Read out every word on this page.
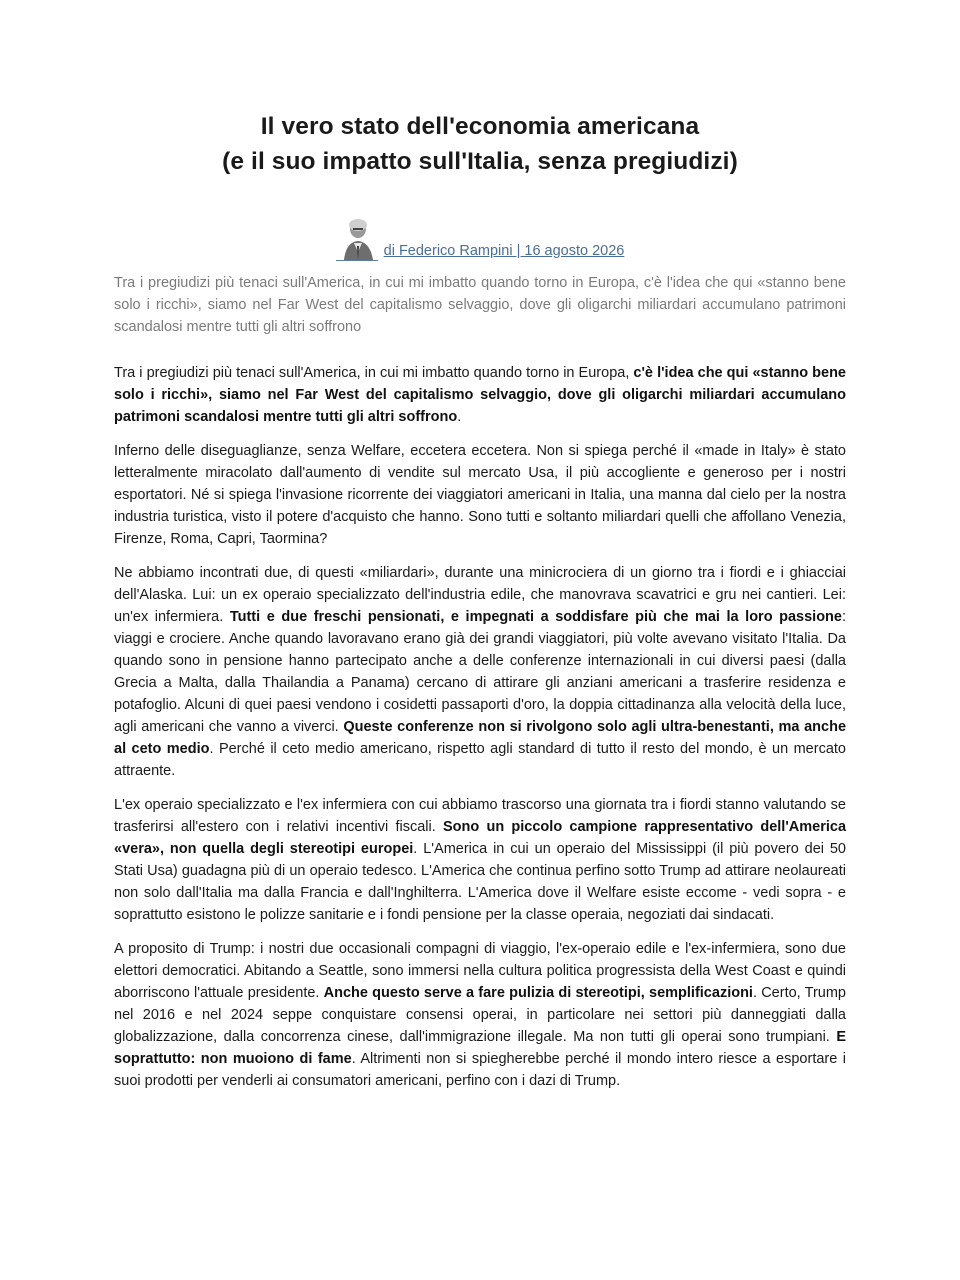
Il vero stato dell'economia americana
(e il suo impatto sull'Italia, senza pregiudizi)
di Federico Rampini | 16 agosto 2026

Tra i pregiudizi più tenaci sull'America, in cui mi imbatto quando torno in Europa, c'è l'idea che qui «stanno bene solo i ricchi», siamo nel Far West del capitalismo selvaggio, dove gli oligarchi miliardari accumulano patrimoni scandalosi mentre tutti gli altri soffrono

Tra i pregiudizi più tenaci sull'America, in cui mi imbatto quando torno in Europa, c'è l'idea che qui «stanno bene solo i ricchi», siamo nel Far West del capitalismo selvaggio, dove gli oligarchi miliardari accumulano patrimoni scandalosi mentre tutti gli altri soffrono.

Inferno delle diseguaglianze, senza Welfare, eccetera eccetera. Non si spiega perché il «made in Italy» è stato letteralmente miracolato dall'aumento di vendite sul mercato Usa, il più accogliente e generoso per i nostri esportatori. Né si spiega l'invasione ricorrente dei viaggiatori americani in Italia, una manna dal cielo per la nostra industria turistica, visto il potere d'acquisto che hanno. Sono tutti e soltanto miliardari quelli che affollano Venezia, Firenze, Roma, Capri, Taormina?

Ne abbiamo incontrati due, di questi «miliardari», durante una minicrociera di un giorno tra i fiordi e i ghiacciai dell'Alaska. Lui: un ex operaio specializzato dell'industria edile, che manovrava scavatrici e gru nei cantieri. Lei: un'ex infermiera. Tutti e due freschi pensionati, e impegnati a soddisfare più che mai la loro passione: viaggi e crociere. Anche quando lavoravano erano già dei grandi viaggiatori, più volte avevano visitato l'Italia. Da quando sono in pensione hanno partecipato anche a delle conferenze internazionali in cui diversi paesi (dalla Grecia a Malta, dalla Thailandia a Panama) cercano di attirare gli anziani americani a trasferire residenza e potafoglio. Alcuni di quei paesi vendono i cosidetti passaporti d'oro, la doppia cittadinanza alla velocità della luce, agli americani che vanno a viverci. Queste conferenze non si rivolgono solo agli ultra-benestanti, ma anche al ceto medio. Perché il ceto medio americano, rispetto agli standard di tutto il resto del mondo, è un mercato attraente.

L'ex operaio specializzato e l'ex infermiera con cui abbiamo trascorso una giornata tra i fiordi stanno valutando se trasferirsi all'estero con i relativi incentivi fiscali. Sono un piccolo campione rappresentativo dell'America «vera», non quella degli stereotipi europei. L'America in cui un operaio del Mississippi (il più povero dei 50 Stati Usa) guadagna più di un operaio tedesco. L'America che continua perfino sotto Trump ad attirare neolaureati non solo dall'Italia ma dalla Francia e dall'Inghilterra. L'America dove il Welfare esiste eccome - vedi sopra - e soprattutto esistono le polizze sanitarie e i fondi pensione per la classe operaia, negoziati dai sindacati.

A proposito di Trump: i nostri due occasionali compagni di viaggio, l'ex-operaio edile e l'ex-infermiera, sono due elettori democratici. Abitando a Seattle, sono immersi nella cultura politica progressista della West Coast e quindi aborriscono l'attuale presidente. Anche questo serve a fare pulizia di stereotipi, semplificazioni. Certo, Trump nel 2016 e nel 2024 seppe conquistare consensi operai, in particolare nei settori più danneggiati dalla globalizzazione, dalla concorrenza cinese, dall'immigrazione illegale. Ma non tutti gli operai sono trumpiani. E soprattutto: non muoiono di fame. Altrimenti non si spiegherebbe perché il mondo intero riesce a esportare i suoi prodotti per venderli ai consumatori americani, perfino con i dazi di Trump.
